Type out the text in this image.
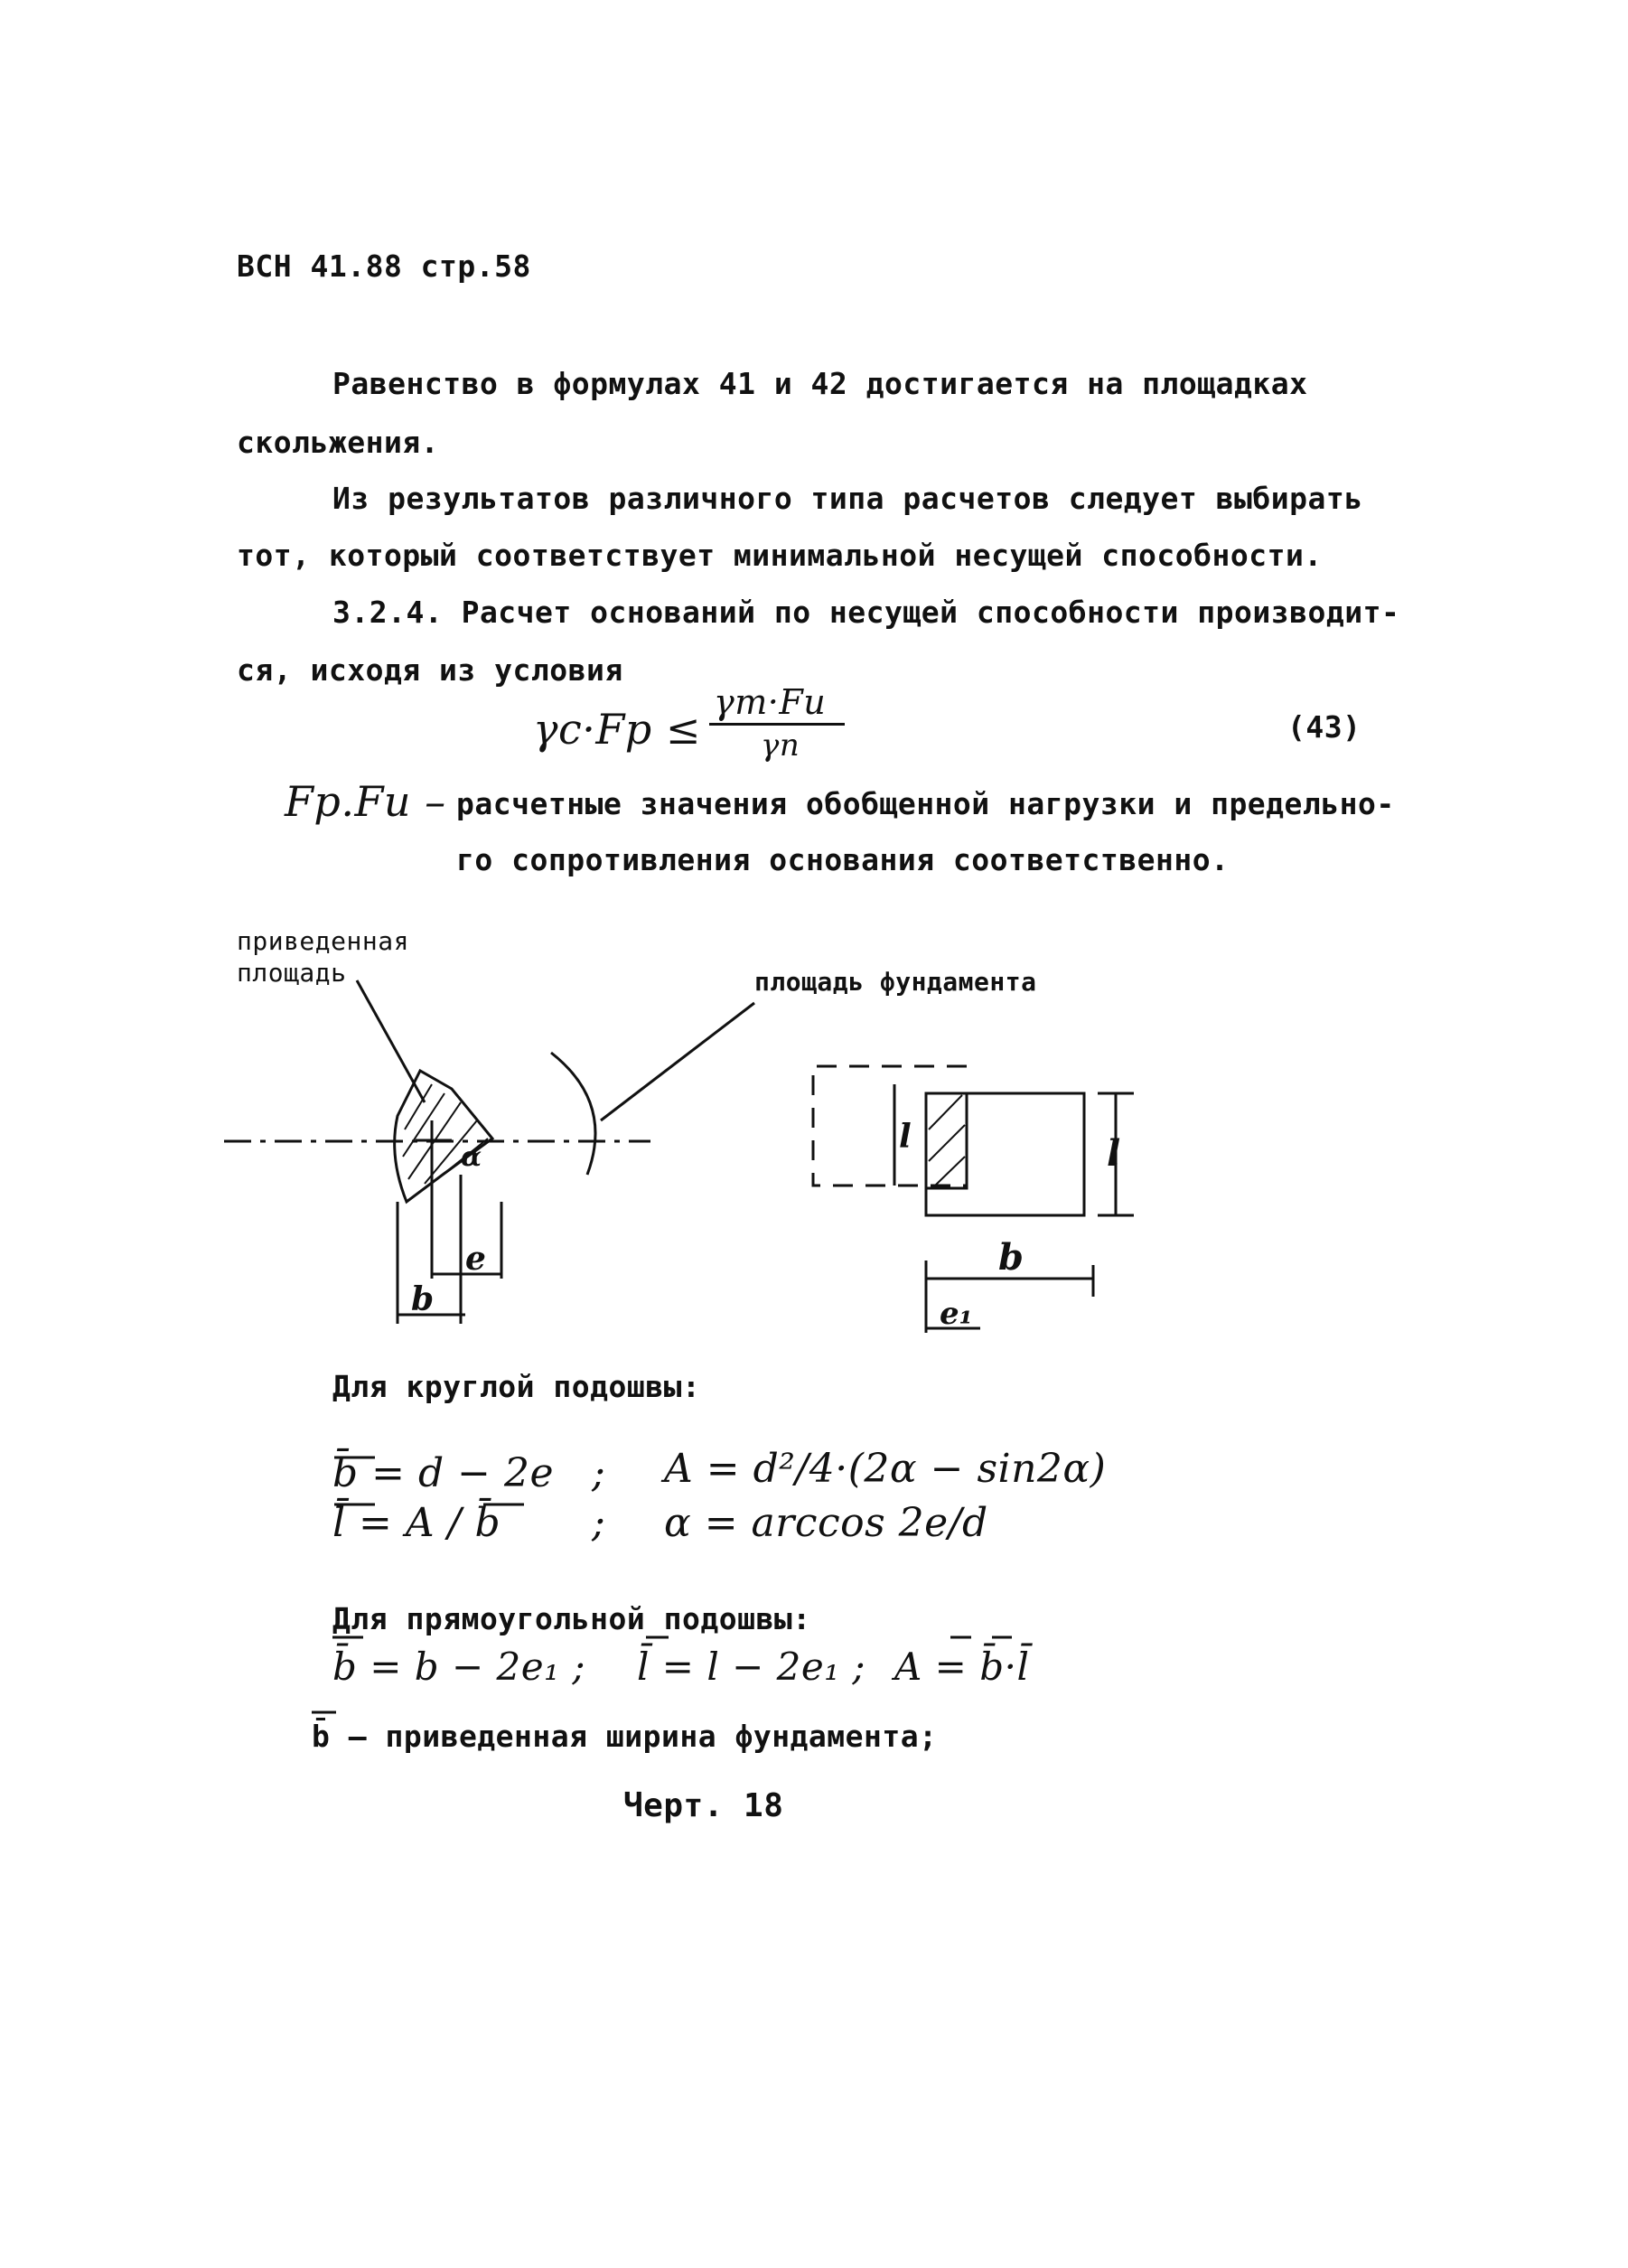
ВСН 41.88 стр.58
Равенство в формулах 41 и 42 достигается на площадках
скольжения.
Из результатов различного типа расчетов следует выбирать
тот, который соответствует минимальной несущей способности.
3.2.4. Расчет оснований по несущей способности производит-
ся, исходя из условия
γc·Fp ≤
γm·Fu
γn
(43)
Fp.Fu – расчетные значения обобщенной нагрузки и предельно-
го сопротивления основания соответственно.
приведенная
площадь	площадь фундамента
α
e
b
l	l
b
e₁
Для круглой подошвы:
b̄ = d − 2e ; A = d²/4·(2α − sin2α)
l̄ = A / b̄ ; α = arccos 2e/d
Для прямоугольной подошвы:
b̄ = b − 2e₁ ; l̄ = l − 2e₁ ; A = b̄·l̄
b̄ – приведенная ширина фундамента;
Черт. 18
